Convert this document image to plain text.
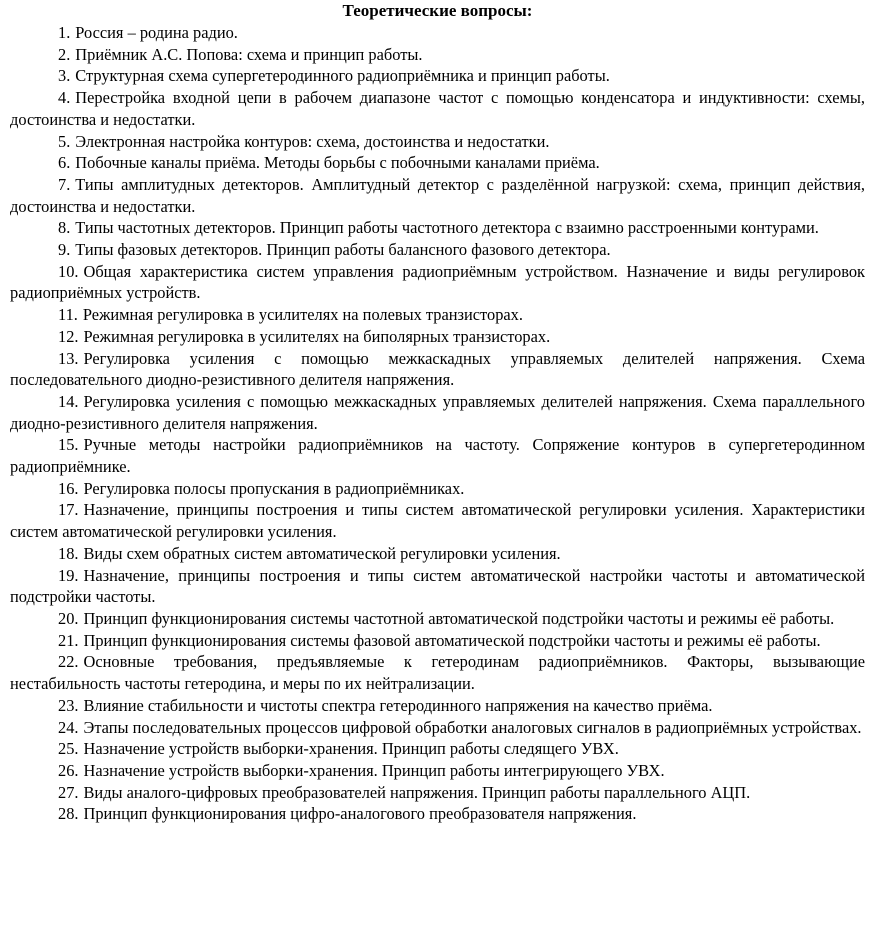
Теоретические вопросы:
1. Россия – родина радио.
2. Приёмник А.С. Попова: схема и принцип работы.
3. Структурная схема супергетеродинного радиоприёмника и принцип работы.
4. Перестройка входной цепи в рабочем диапазоне частот с помощью конденсатора и индуктивности: схемы, достоинства и недостатки.
5. Электронная настройка контуров: схема, достоинства и недостатки.
6. Побочные каналы приёма. Методы борьбы с побочными каналами приёма.
7. Типы амплитудных детекторов. Амплитудный детектор с разделённой нагрузкой: схема, принцип действия, достоинства и недостатки.
8. Типы частотных детекторов. Принцип работы частотного детектора с взаимно расстроенными контурами.
9. Типы фазовых детекторов. Принцип работы балансного фазового детектора.
10. Общая характеристика систем управления радиоприёмным устройством. Назначение и виды регулировок радиоприёмных устройств.
11. Режимная регулировка в усилителях на полевых транзисторах.
12. Режимная регулировка в усилителях на биполярных транзисторах.
13. Регулировка усиления с помощью межкаскадных управляемых делителей напряжения. Схема последовательного диодно-резистивного делителя напряжения.
14. Регулировка усиления с помощью межкаскадных управляемых делителей напряжения. Схема параллельного диодно-резистивного делителя напряжения.
15. Ручные методы настройки радиоприёмников на частоту. Сопряжение контуров в супергетеродинном радиоприёмнике.
16. Регулировка полосы пропускания в радиоприёмниках.
17. Назначение, принципы построения и типы систем автоматической регулировки усиления. Характеристики систем автоматической регулировки усиления.
18. Виды схем обратных систем автоматической регулировки усиления.
19. Назначение, принципы построения и типы систем автоматической настройки частоты и автоматической подстройки частоты.
20. Принцип функционирования системы частотной автоматической подстройки частоты и режимы её работы.
21. Принцип функционирования системы фазовой автоматической подстройки частоты и режимы её работы.
22. Основные требования, предъявляемые к гетеродинам радиоприёмников. Факторы, вызывающие нестабильность частоты гетеродина, и меры по их нейтрализации.
23. Влияние стабильности и чистоты спектра гетеродинного напряжения на качество приёма.
24. Этапы последовательных процессов цифровой обработки аналоговых сигналов в радиоприёмных устройствах.
25. Назначение устройств выборки-хранения. Принцип работы следящего УВХ.
26. Назначение устройств выборки-хранения. Принцип работы интегрирующего УВХ.
27. Виды аналого-цифровых преобразователей напряжения. Принцип работы параллельного АЦП.
28. Принцип функционирования цифро-аналогового преобразователя напряжения.
